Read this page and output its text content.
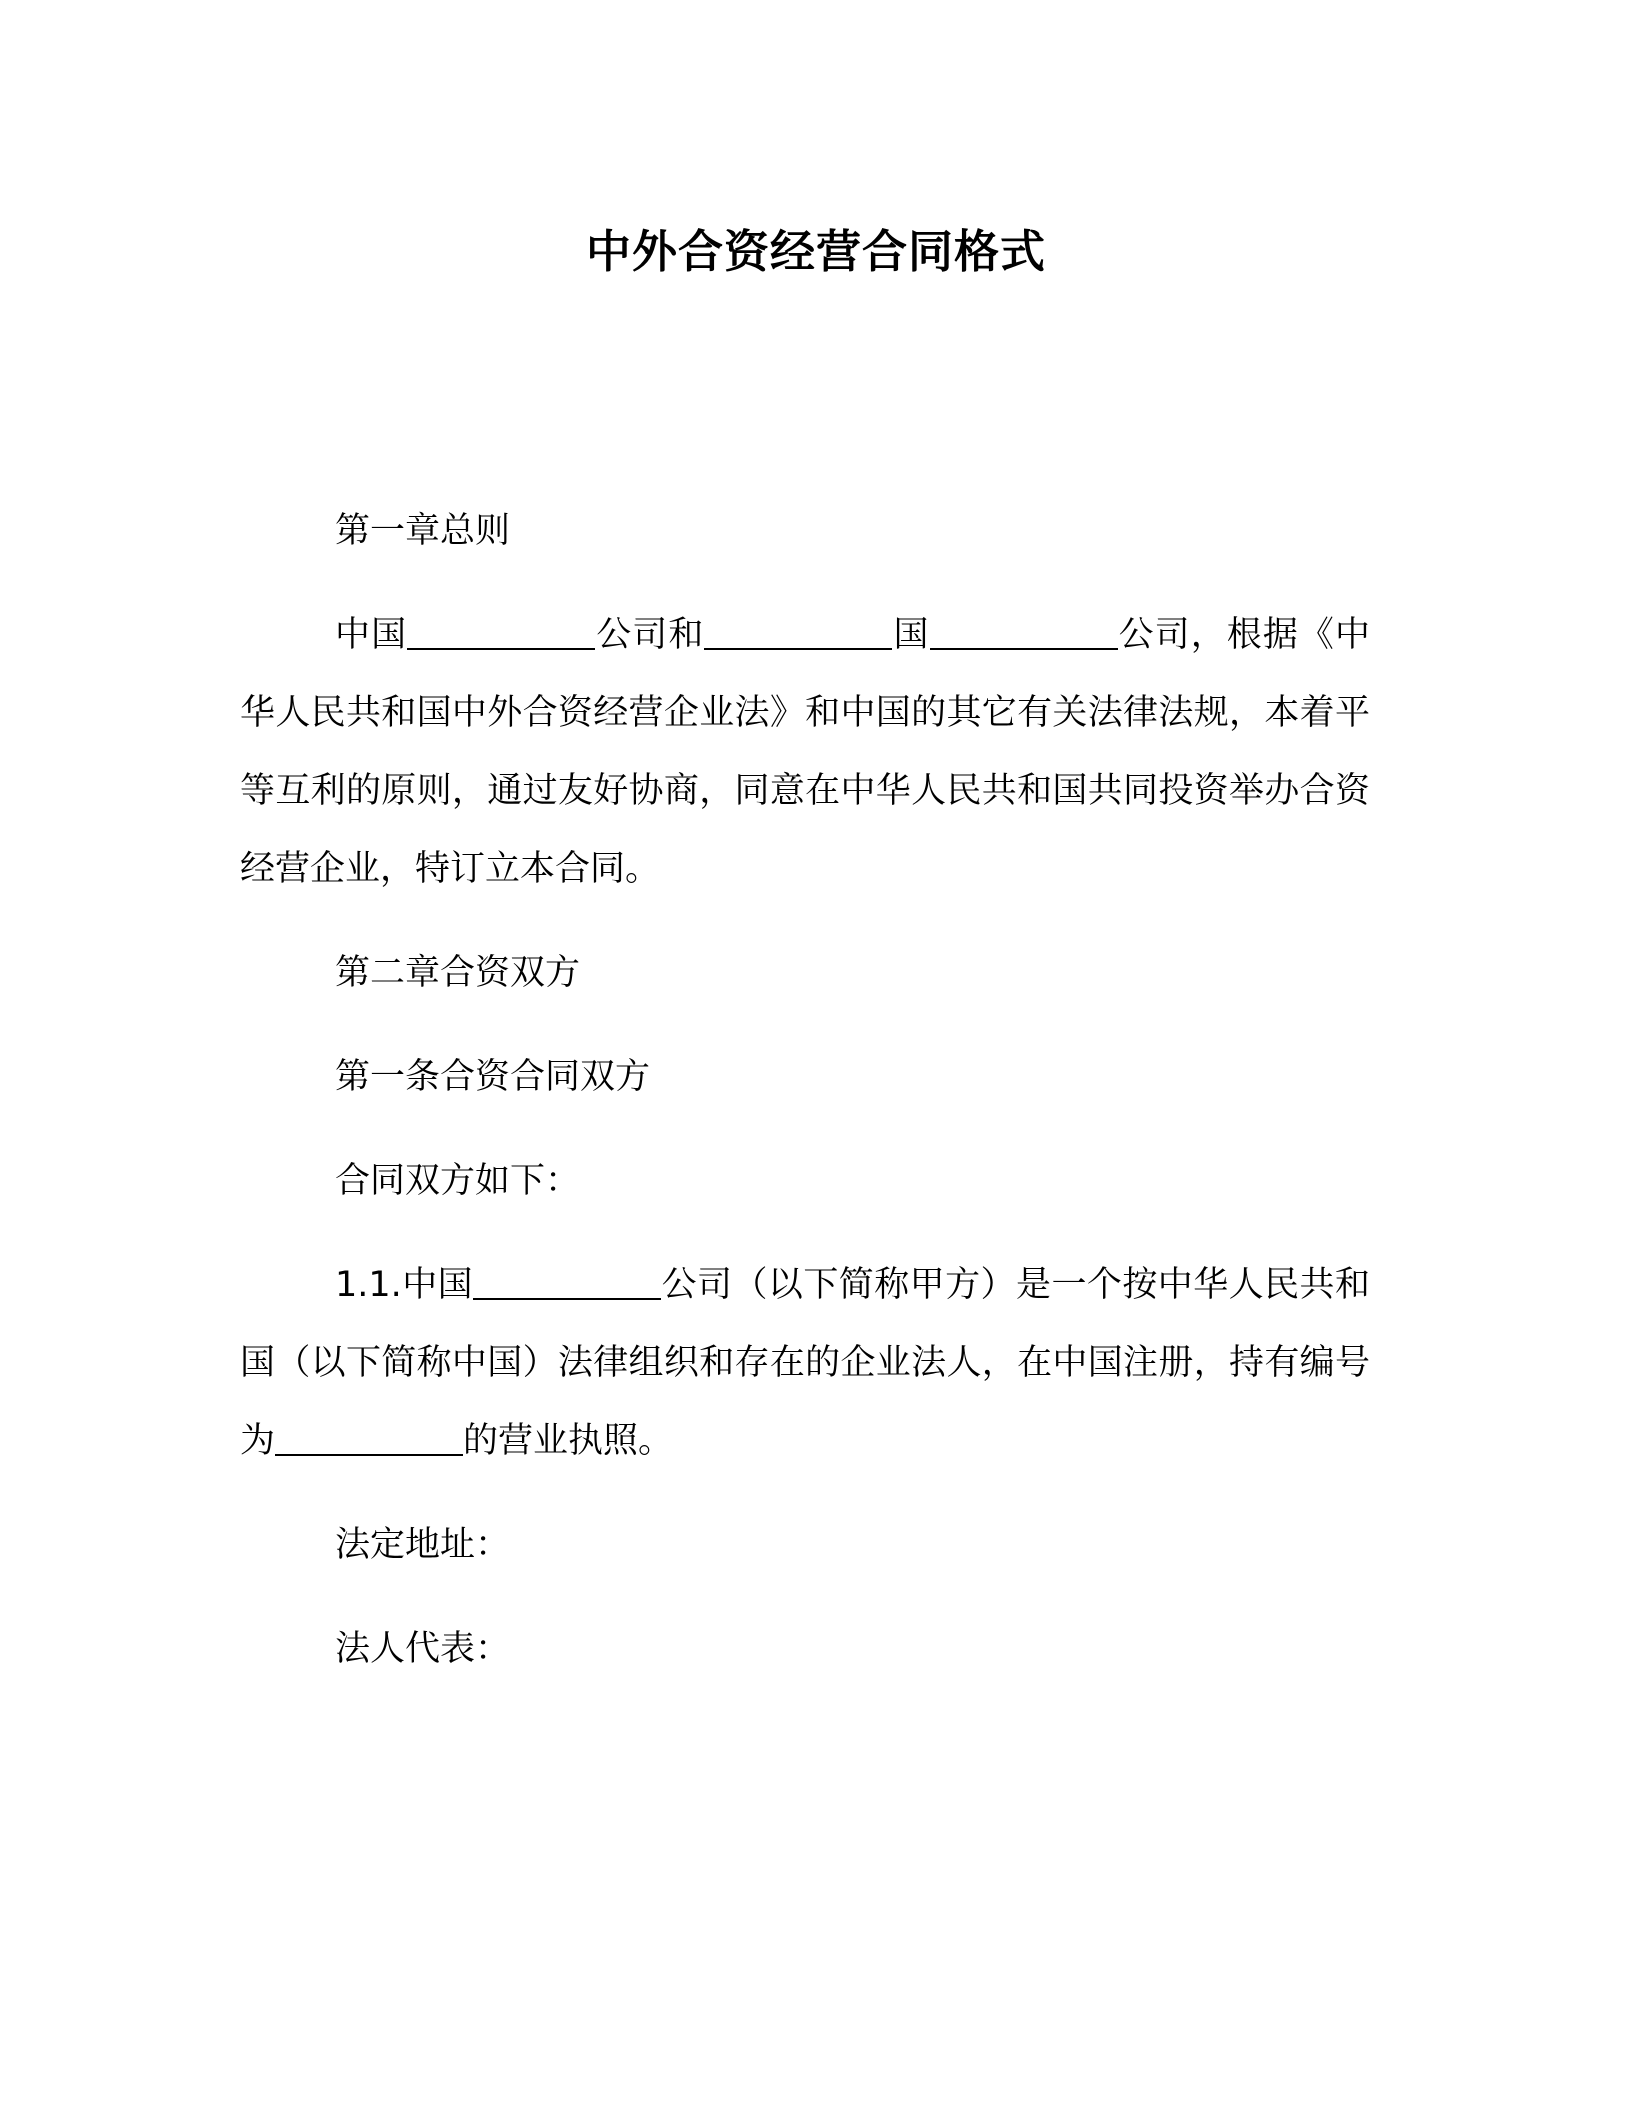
中外合资经营合同格式

第一章总则

中国	公司和	国	公司，根据《中华人民共和国中外合资经营企业法》和中国的其它有关法律法规，本着平等互利的原则，通过友好协商，同意在中华人民共和国共同投资举办合资经营企业，特订立本合同。

第二章合资双方

第一条合资合同双方

合同双方如下：

1.1.中国	公司（以下简称甲方）是一个按中华人民共和国（以下简称中国）法律组织和存在的企业法人，在中国注册，持有编号为	的营业执照。

法定地址：

法人代表：
